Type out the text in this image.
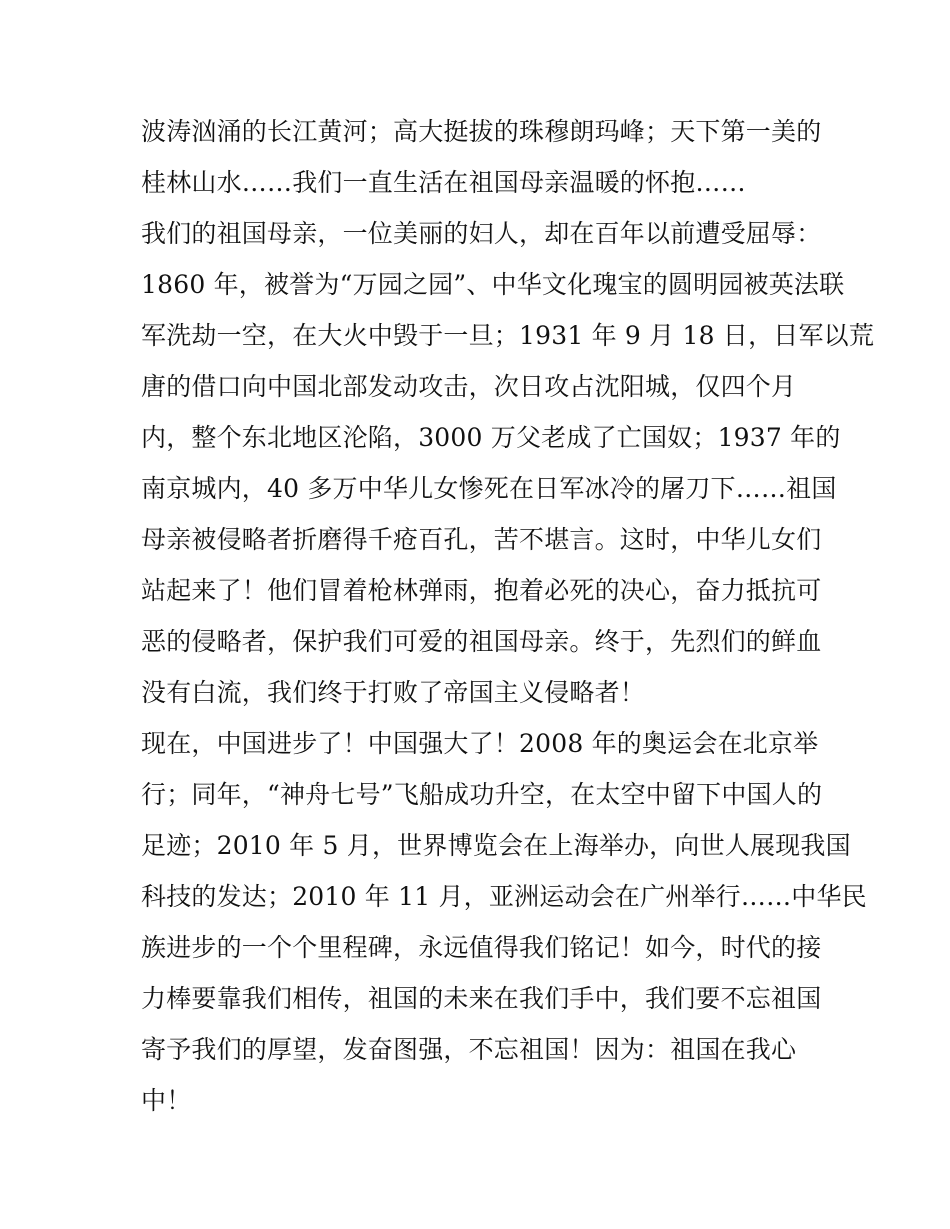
波涛汹涌的长江黄河；高大挺拔的珠穆朗玛峰；天下第一美的
桂林山水……我们一直生活在祖国母亲温暖的怀抱……
我们的祖国母亲，一位美丽的妇人，却在百年以前遭受屈辱：
1860 年，被誉为“万园之园”、中华文化瑰宝的圆明园被英法联
军洗劫一空，在大火中毁于一旦；1931 年 9 月 18 日，日军以荒
唐的借口向中国北部发动攻击，次日攻占沈阳城，仅四个月
内，整个东北地区沦陷，3000 万父老成了亡国奴；1937 年的
南京城内，40 多万中华儿女惨死在日军冰冷的屠刀下……祖国
母亲被侵略者折磨得千疮百孔，苦不堪言。这时，中华儿女们
站起来了！他们冒着枪林弹雨，抱着必死的决心，奋力抵抗可
恶的侵略者，保护我们可爱的祖国母亲。终于，先烈们的鲜血
没有白流，我们终于打败了帝国主义侵略者！
现在，中国进步了！中国强大了！2008 年的奥运会在北京举
行；同年，“神舟七号”飞船成功升空，在太空中留下中国人的
足迹；2010 年 5 月，世界博览会在上海举办，向世人展现我国
科技的发达；2010 年 11 月，亚洲运动会在广州举行……中华民
族进步的一个个里程碑，永远值得我们铭记！如今，时代的接
力棒要靠我们相传，祖国的未来在我们手中，我们要不忘祖国
寄予我们的厚望，发奋图强，不忘祖国！因为：祖国在我心
中！
